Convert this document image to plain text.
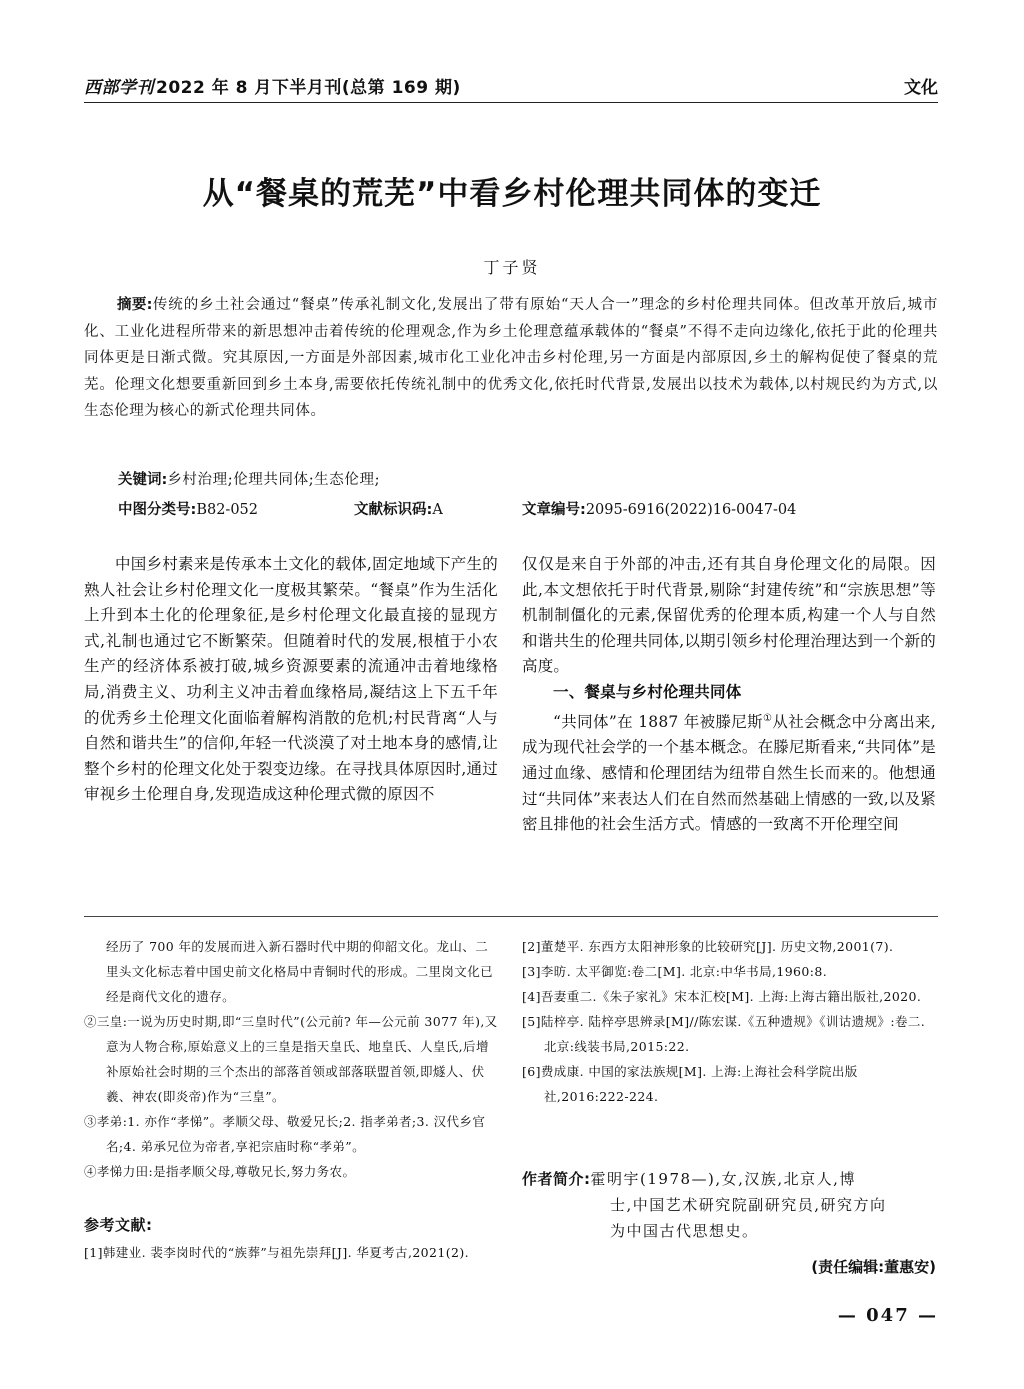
西部学刊 2022 年 8 月下半月刊(总第 169 期)	文化
从“餐桌的荒芜”中看乡村伦理共同体的变迁
丁子贤
摘要:传统的乡土社会通过“餐桌”传承礼制文化,发展出了带有原始“天人合一”理念的乡村伦理共同体。但改革开放后,城市化、工业化进程所带来的新思想冲击着传统的伦理观念,作为乡土伦理意蕴承载体的“餐桌”不得不走向边缘化,依托于此的伦理共同体更是日渐式微。究其原因,一方面是外部因素,城市化工业化冲击乡村伦理,另一方面是内部原因,乡土的解构促使了餐桌的荒芜。伦理文化想要重新回到乡土本身,需要依托传统礼制中的优秀文化,依托时代背景,发展出以技术为载体,以村规民约为方式,以生态伦理为核心的新式伦理共同体。
关键词:乡村治理;伦理共同体;生态伦理;
中图分类号:B82-052	文献标识码:A	文章编号:2095-6916(2022)16-0047-04

中国乡村素来是传承本土文化的载体,固定地域下产生的熟人社会让乡村伦理文化一度极其繁荣。“餐桌”作为生活化上升到本土化的伦理象征,是乡村伦理文化最直接的显现方式,礼制也通过它不断繁荣。但随着时代的发展,根植于小农生产的经济体系被打破,城乡资源要素的流通冲击着地缘格局,消费主义、功利主义冲击着血缘格局,凝结这上下五千年的优秀乡土伦理文化面临着解构消散的危机;村民背离“人与自然和谐共生”的信仰,年轻一代淡漠了对土地本身的感情,让整个乡村的伦理文化处于裂变边缘。在寻找具体原因时,通过审视乡土伦理自身,发现造成这种伦理式微的原因不

仅仅是来自于外部的冲击,还有其自身伦理文化的局限。因此,本文想依托于时代背景,剔除“封建传统”和“宗族思想”等机制制僵化的元素,保留优秀的伦理本质,构建一个人与自然和谐共生的伦理共同体,以期引领乡村伦理治理达到一个新的高度。

一、餐桌与乡村伦理共同体

“共同体”在 1887 年被滕尼斯①从社会概念中分离出来,成为现代社会学的一个基本概念。在滕尼斯看来,“共同体”是通过血缘、感情和伦理团结为纽带自然生长而来的。他想通过“共同体”来表达人们在自然而然基础上情感的一致,以及紧密且排他的社会生活方式。情感的一致离不开伦理空间

经历了 700 年的发展而进入新石器时代中期的仰韶文化。龙山、二里头文化标志着中国史前文化格局中青铜时代的形成。二里岗文化已经是商代文化的遗存。

②三皇:一说为历史时期,即“三皇时代”(公元前? 年—公元前 3077 年),又意为人物合称,原始意义上的三皇是指天皇氏、地皇氏、人皇氏,后增补原始社会时期的三个杰出的部落首领或部落联盟首领,即燧人、伏羲、神农(即炎帝)作为“三皇”。

③孝弟:1. 亦作“孝悌”。孝顺父母、敬爱兄长;2. 指孝弟者;3. 汉代乡官名;4. 弟承兄位为帝者,享祀宗庙时称“孝弟”。

④孝悌力田:是指孝顺父母,尊敬兄长,努力务农。

参考文献:

[1]韩建业. 裴李岗时代的“族葬”与祖先崇拜[J]. 华夏考古,2021(2).

[2]董楚平. 东西方太阳神形象的比较研究[J]. 历史文物,2001(7).

[3]李昉. 太平御览:卷二[M]. 北京:中华书局,1960:8.

[4]吾妻重二.《朱子家礼》宋本汇校[M]. 上海:上海古籍出版社,2020.

[5]陆梓亭. 陆梓亭思辨录[M]//陈宏谋.《五种遗规》《训诂遗规》:卷二. 北京:线装书局,2015:22.

[6]费成康. 中国的家法族规[M]. 上海:上海社会科学院出版社,2016:222-224.

作者简介:霍明宇(1978—),女,汉族,北京人,博
士,中国艺术研究院副研究员,研究方向
为中国古代思想史。
(责任编辑:董惠安)
— 047 —
